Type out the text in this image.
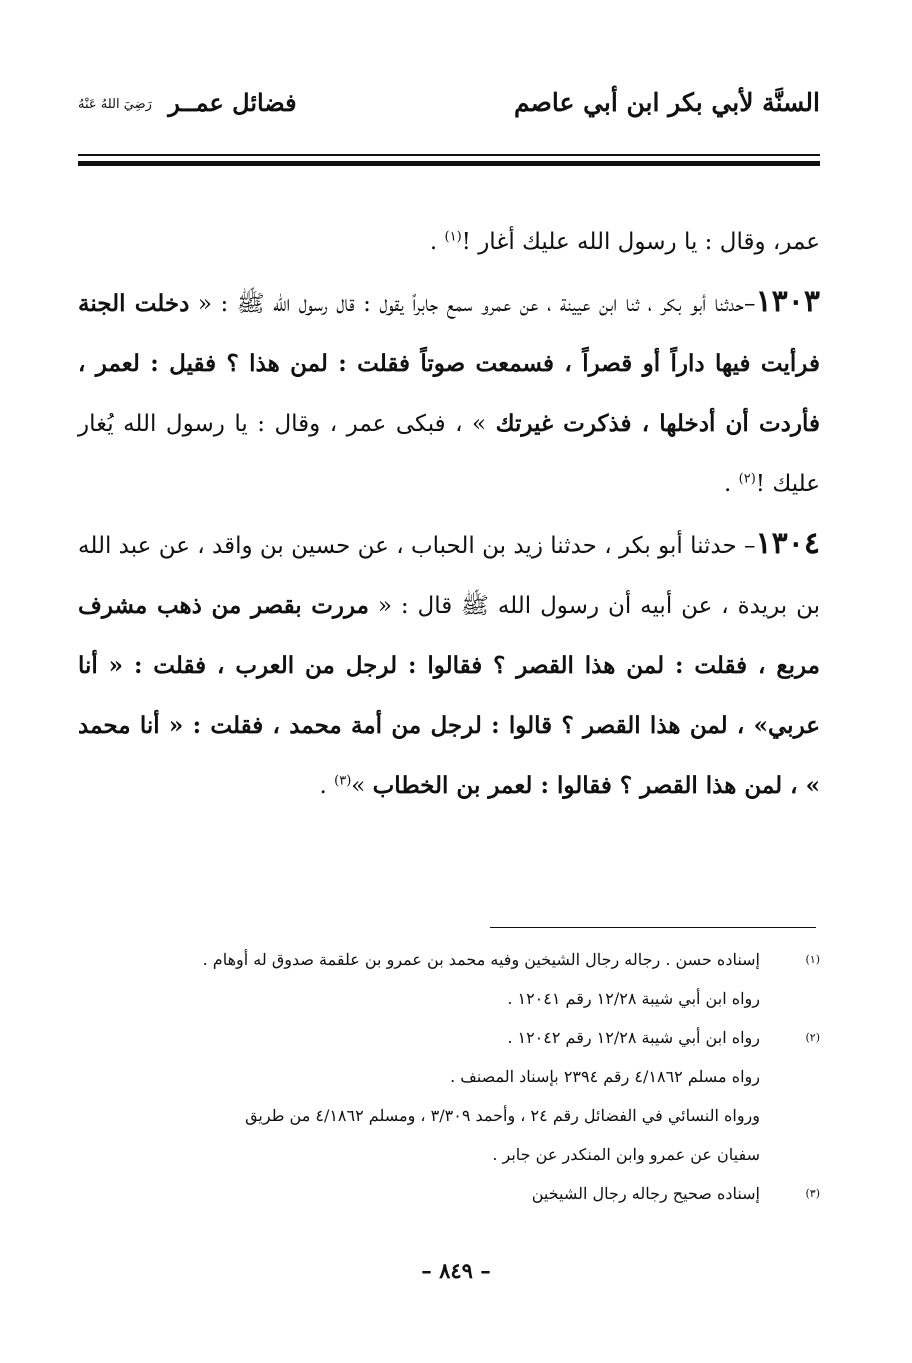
السنَّة لأبي بكر ابن أبي عاصم
فضائل عمــر رَضِيَ اللهُ عَنْهُ

عمر، وقال : يا رسول الله عليك أغار !$^{(١)}$ .

١٣٠٣–حدثنا أبو بكر ، ثنا ابن عيينة ، عن عمرو سمع جابراً يقول : قال رسول الله ﷺ : « دخلت الجنة فرأيت فيها داراً أو قصراً ، فسمعت صوتاً فقلت : لمن هذا ؟ فقيل : لعمر ، فأردت أن أدخلها ، فذكرت غيرتك » ، فبكى عمر ، وقال : يا رسول الله يُغار عليك !$^{(٢)}$ .

١٣٠٤– حدثنا أبو بكر ، حدثنا زيد بن الحباب ، عن حسين بن واقد ، عن عبد الله بن بريدة ، عن أبيه أن رسول الله ﷺ قال : « مررت بقصر من ذهب مشرف مربع ، فقلت : لمن هذا القصر ؟ فقالوا : لرجل من العرب ، فقلت : « أنا عربي» ، لمن هذا القصر ؟ قالوا : لرجل من أمة محمد ، فقلت : « أنا محمد » ، لمن هذا القصر ؟ فقالوا : لعمر بن الخطاب »$^{(٣)}$ .

(١)
إسناده حسن . رجاله رجال الشيخين وفيه محمد بن عمرو بن علقمة صدوق له أوهام .
رواه ابن أبي شيبة ١٢/٢٨ رقم ١٢٠٤١ .
(٢)
رواه ابن أبي شيبة ١٢/٢٨ رقم ١٢٠٤٢ .
رواه مسلم ٤/١٨٦٢ رقم ٢٣٩٤ بإسناد المصنف .
ورواه النسائي في الفضائل رقم ٢٤ ، وأحمد ٣/٣٠٩ ، ومسلم ٤/١٨٦٢ من طريق
سفيان عن عمرو وابن المنكدر عن جابر .
(٣)
إسناده صحيح رجاله رجال الشيخين
– ٨٤٩ –
